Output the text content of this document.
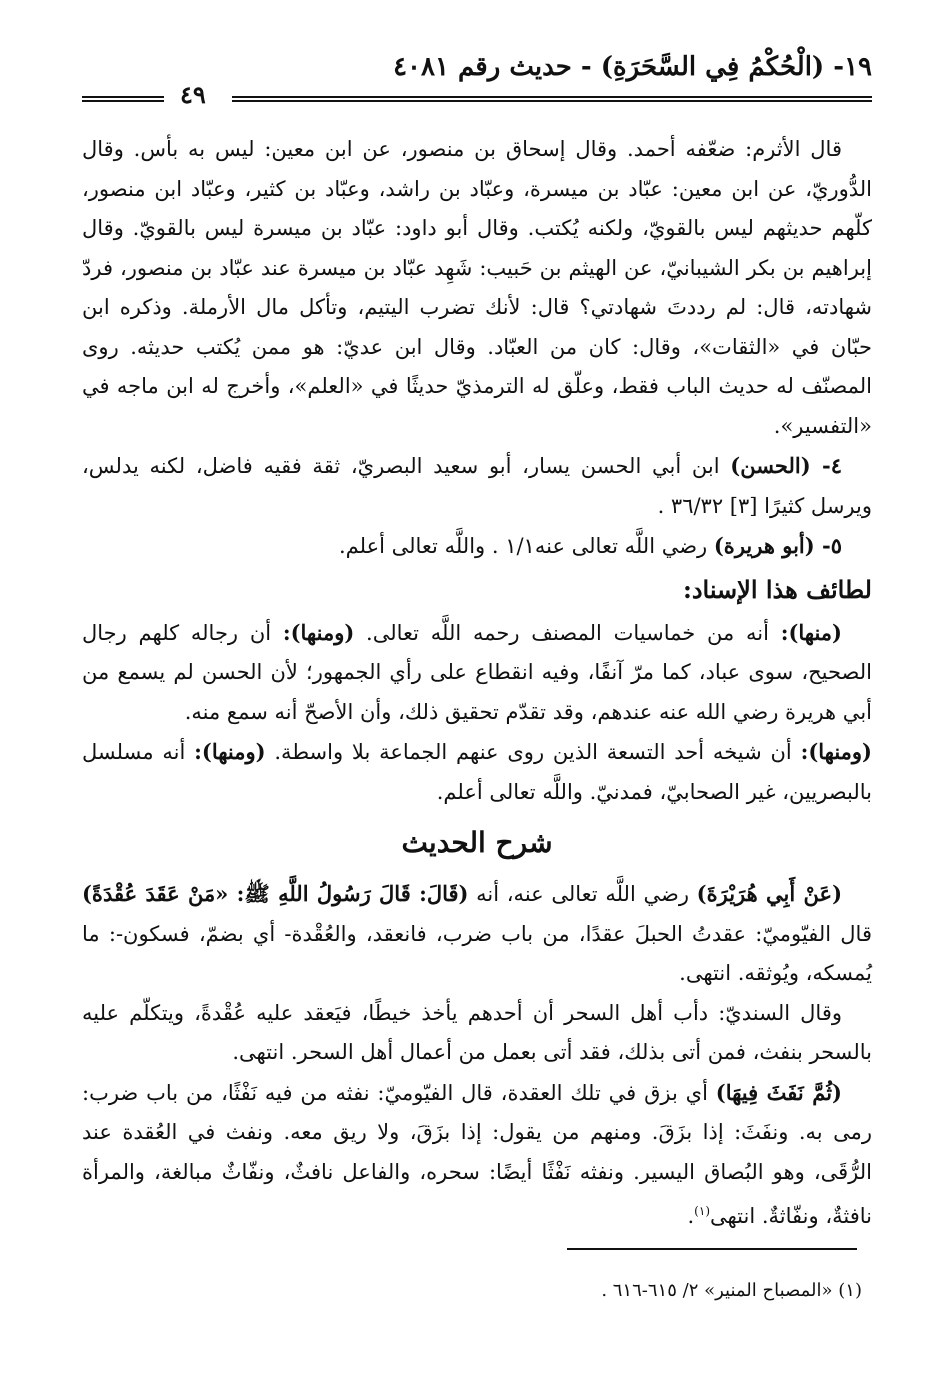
١٩- (الْحُكْمُ فِي السَّحَرَةِ) - حديث رقم ٤٠٨١
٤٩

قال الأثرم: ضعّفه أحمد. وقال إسحاق بن منصور، عن ابن معين: ليس به بأس. وقال الدُّوريّ، عن ابن معين: عبّاد بن ميسرة، وعبّاد بن راشد، وعبّاد بن كثير، وعبّاد ابن منصور، كلّهم حديثهم ليس بالقويّ، ولكنه يُكتب. وقال أبو داود: عبّاد بن ميسرة ليس بالقويّ. وقال إبراهيم بن بكر الشيبانيّ، عن الهيثم بن حَبيب: شَهِد عبّاد بن ميسرة عند عبّاد بن منصور، فردّ شهادته، قال: لم رددتَ شهادتي؟ قال: لأنك تضرب اليتيم، وتأكل مال الأرملة. وذكره ابن حبّان في «الثقات»، وقال: كان من العبّاد. وقال ابن عديّ: هو ممن يُكتب حديثه. روى المصنّف له حديث الباب فقط، وعلّق له الترمذيّ حديثًا في «العلم»، وأخرج له ابن ماجه في «التفسير».

٤- (الحسن) ابن أبي الحسن يسار، أبو سعيد البصريّ، ثقة فقيه فاضل، لكنه يدلس، ويرسل كثيرًا [٣] ٣٦/٣٢ .

٥- (أبو هريرة) رضي اللَّه تعالى عنه١/١ . واللَّه تعالى أعلم.

لطائف هذا الإسناد:

(منها): أنه من خماسيات المصنف رحمه اللَّه تعالى. (ومنها): أن رجاله كلهم رجال الصحيح، سوى عباد، كما مرّ آنفًا، وفيه انقطاع على رأي الجمهور؛ لأن الحسن لم يسمع من أبي هريرة رضي الله عنه عندهم، وقد تقدّم تحقيق ذلك، وأن الأصحّ أنه سمع منه.

(ومنها): أن شيخه أحد التسعة الذين روى عنهم الجماعة بلا واسطة. (ومنها): أنه مسلسل بالبصريين، غير الصحابيّ، فمدنيّ. واللَّه تعالى أعلم.

شرح الحديث

(عَنْ أَبِي هُرَيْرَةَ) رضي اللَّه تعالى عنه، أنه (قَالَ: قَالَ رَسُولُ اللَّهِ ﷺ: «مَنْ عَقَدَ عُقْدَةً) قال الفيّوميّ: عقدتُ الحبلَ عقدًا، من باب ضرب، فانعقد، والعُقْدة- أي بضمّ، فسكون-: ما يُمسكه، ويُوثقه. انتهى.

وقال السنديّ: دأب أهل السحر أن أحدهم يأخذ خيطًا، فيَعقد عليه عُقْدةً، ويتكلّم عليه بالسحر بنفث، فمن أتى بذلك، فقد أتى بعمل من أعمال أهل السحر. انتهى.

(ثُمَّ نَفَثَ فِيهَا) أي بزق في تلك العقدة، قال الفيّوميّ: نفثه من فيه نَفْثًا، من باب ضرب: رمى به. ونفَثَ: إذا بزَقَ. ومنهم من يقول: إذا بزَقَ، ولا ريق معه. ونفث في العُقدة عند الرُّقَى، وهو البُصاق اليسير. ونفثه نَفْثًا أيضًا: سحره، والفاعل نافثٌ، ونفّاثٌ مبالغة، والمرأة نافثةٌ، ونفّاثةٌ. انتهى$^{(١)}$.

(١) «المصباح المنير» ٢/ ٦١٥-٦١٦ .
